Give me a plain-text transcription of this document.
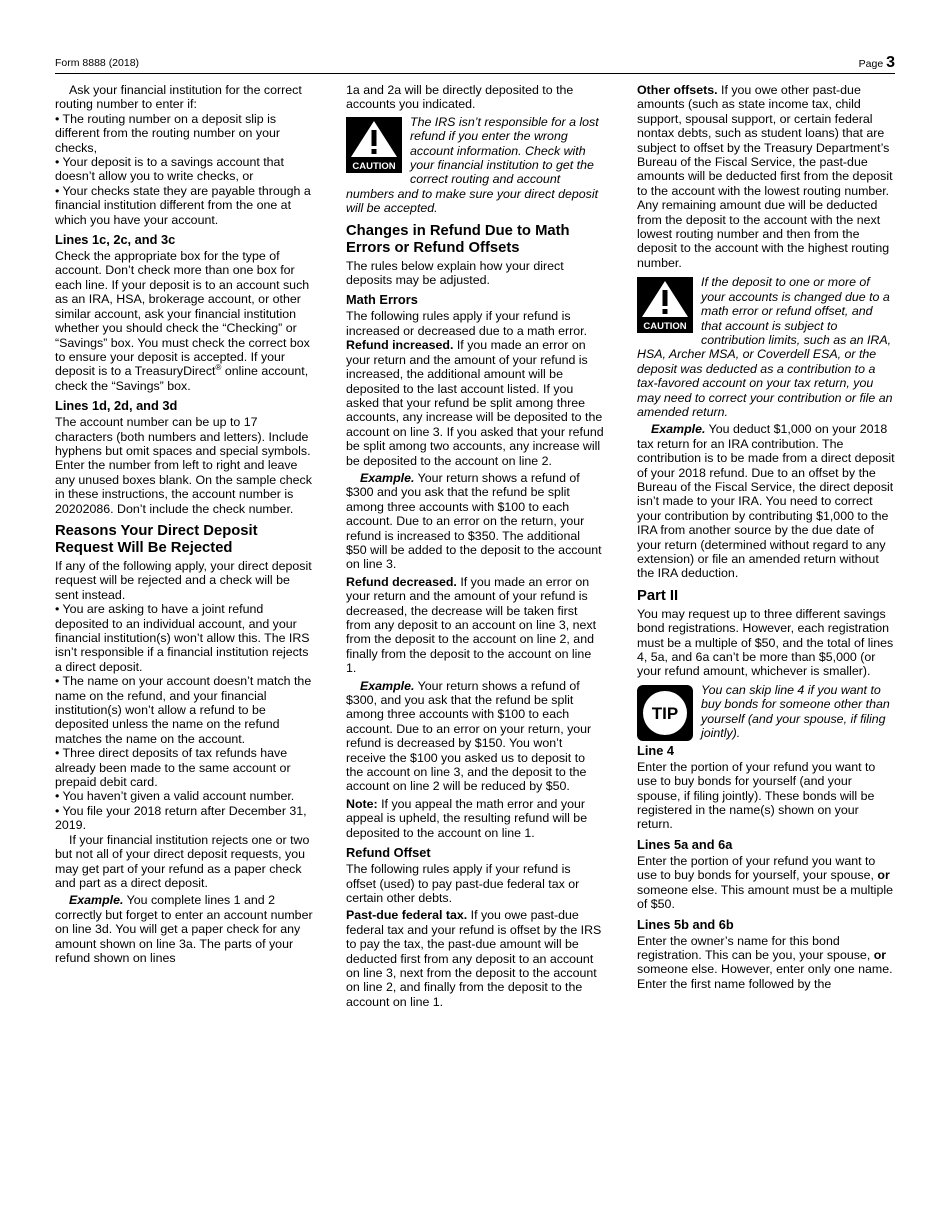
Form 8888 (2018)	Page 3

Ask your financial institution for the correct routing number to enter if:

• The routing number on a deposit slip is different from the routing number on your checks,

• Your deposit is to a savings account that doesn’t allow you to write checks, or

• Your checks state they are payable through a financial institution different from the one at which you have your account.

Lines 1c, 2c, and 3c

Check the appropriate box for the type of account. Don’t check more than one box for each line. If your deposit is to an account such as an IRA, HSA, brokerage account, or other similar account, ask your financial institution whether you should check the “Checking” or “Savings” box. You must check the correct box to ensure your deposit is accepted. If your deposit is to a TreasuryDirect® online account, check the “Savings” box.

Lines 1d, 2d, and 3d

The account number can be up to 17 characters (both numbers and letters). Include hyphens but omit spaces and special symbols. Enter the number from left to right and leave any unused boxes blank. On the sample check in these instructions, the account number is 20202086. Don’t include the check number.

Reasons Your Direct Deposit Request Will Be Rejected

If any of the following apply, your direct deposit request will be rejected and a check will be sent instead.

• You are asking to have a joint refund deposited to an individual account, and your financial institution(s) won’t allow this. The IRS isn’t responsible if a financial institution rejects a direct deposit.

• The name on your account doesn’t match the name on the refund, and your financial institution(s) won’t allow a refund to be deposited unless the name on the refund matches the name on the account.

• Three direct deposits of tax refunds have already been made to the same account or prepaid debit card.

• You haven’t given a valid account number.

• You file your 2018 return after December 31, 2019.

If your financial institution rejects one or two but not all of your direct deposit requests, you may get part of your refund as a paper check and part as a direct deposit.

Example. You complete lines 1 and 2 correctly but forget to enter an account number on line 3d. You will get a paper check for any amount shown on line 3a. The parts of your refund shown on lines

1a and 2a will be directly deposited to the accounts you indicated.

CAUTION

The IRS isn’t responsible for a lost refund if you enter the wrong account information. Check with your financial institution to get the correct routing and account numbers and to make sure your direct deposit will be accepted.

Changes in Refund Due to Math Errors or Refund Offsets

The rules below explain how your direct deposits may be adjusted.

Math Errors

The following rules apply if your refund is increased or decreased due to a math error.

Refund increased. If you made an error on your return and the amount of your refund is increased, the additional amount will be deposited to the last account listed. If you asked that your refund be split among three accounts, any increase will be deposited to the account on line 3. If you asked that your refund be split among two accounts, any increase will be deposited to the account on line 2.

Example. Your return shows a refund of $300 and you ask that the refund be split among three accounts with $100 to each account. Due to an error on the return, your refund is increased to $350. The additional $50 will be added to the deposit to the account on line 3.

Refund decreased. If you made an error on your return and the amount of your refund is decreased, the decrease will be taken first from any deposit to an account on line 3, next from the deposit to the account on line 2, and finally from the deposit to the account on line 1.

Example. Your return shows a refund of $300, and you ask that the refund be split among three accounts with $100 to each account. Due to an error on your return, your refund is decreased by $150. You won’t receive the $100 you asked us to deposit to the account on line 3, and the deposit to the account on line 2 will be reduced by $50.

Note: If you appeal the math error and your appeal is upheld, the resulting refund will be deposited to the account on line 1.

Refund Offset

The following rules apply if your refund is offset (used) to pay past-due federal tax or certain other debts.

Past-due federal tax. If you owe past-due federal tax and your refund is offset by the IRS to pay the tax, the past-due amount will be deducted first from any deposit to an account on line 3, next from the deposit to the account on line 2, and finally from the deposit to the account on line 1.

Other offsets. If you owe other past-due amounts (such as state income tax, child support, spousal support, or certain federal nontax debts, such as student loans) that are subject to offset by the Treasury Department’s Bureau of the Fiscal Service, the past-due amounts will be deducted first from the deposit to the account with the lowest routing number. Any remaining amount due will be deducted from the deposit to the account with the next lowest routing number and then from the deposit to the account with the highest routing number.

CAUTION

If the deposit to one or more of your accounts is changed due to a math error or refund offset, and that account is subject to contribution limits, such as an IRA, HSA, Archer MSA, or Coverdell ESA, or the deposit was deducted as a contribution to a tax-favored account on your tax return, you may need to correct your contribution or file an amended return.

Example. You deduct $1,000 on your 2018 tax return for an IRA contribution. The contribution is to be made from a direct deposit of your 2018 refund. Due to an offset by the Bureau of the Fiscal Service, the direct deposit isn’t made to your IRA. You need to correct your contribution by contributing $1,000 to the IRA from another source by the due date of your return (determined without regard to any extension) or file an amended return without the IRA deduction.

Part II

You may request up to three different savings bond registrations. However, each registration must be a multiple of $50, and the total of lines 4, 5a, and 6a can’t be more than $5,000 (or your refund amount, whichever is smaller).

TIP

You can skip line 4 if you want to buy bonds for someone other than yourself (and your spouse, if filing jointly).

Line 4

Enter the portion of your refund you want to use to buy bonds for yourself (and your spouse, if filing jointly). These bonds will be registered in the name(s) shown on your return.

Lines 5a and 6a

Enter the portion of your refund you want to use to buy bonds for yourself, your spouse, or someone else. This amount must be a multiple of $50.

Lines 5b and 6b

Enter the owner’s name for this bond registration. This can be you, your spouse, or someone else. However, enter only one name. Enter the first name followed by the
